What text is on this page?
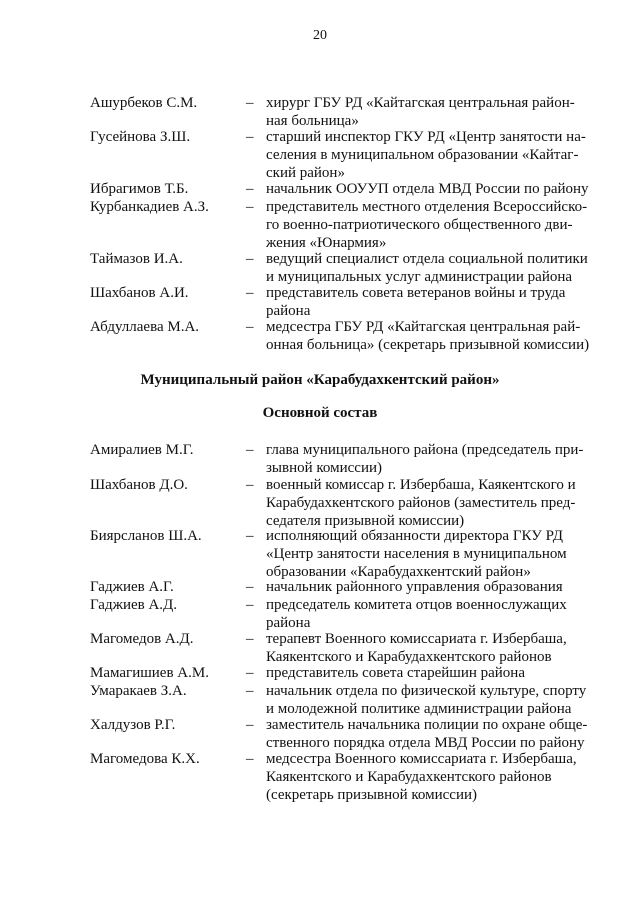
20
Ашурбеков С.М.	– хирург ГБУ РД «Кайтагская центральная район-
ная больница»
Гусейнова З.Ш.	– старший инспектор ГКУ РД «Центр занятости на-
селения в муниципальном образовании «Кайтаг-
ский район»
Ибрагимов Т.Б.	– начальник ООУУП отдела МВД России по району
Курбанкадиев А.З. – представитель местного отделения Всероссийско-
го военно-патриотического общественного дви-
жения «Юнармия»
Таймазов И.А.	– ведущий специалист отдела социальной политики
и муниципальных услуг администрации района
Шахбанов А.И.	– представитель совета ветеранов войны и труда
района
Абдуллаева М.А.	– медсестра ГБУ РД «Кайтагская центральная рай-
онная больница» (секретарь призывной комиссии)
Муниципальный район «Карабудахкентский район»
Основной состав
Амиралиев М.Г.	– глава муниципального района (председатель при-
зывной комиссии)
Шахбанов Д.О.	– военный комиссар г. Избербаша, Каякентского и
Карабудахкентского районов (заместитель пред-
седателя призывной комиссии)
Биярсланов Ш.А.	– исполняющий обязанности директора ГКУ РД
«Центр занятости населения в муниципальном
образовании «Карабудахкентский район»
Гаджиев А.Г.	– начальник районного управления образования
Гаджиев А.Д.	– председатель комитета отцов военнослужащих
района
Магомедов А.Д.	– терапевт Военного комиссариата г. Избербаша,
Каякентского и Карабудахкентского районов
Мамагишиев А.М. – представитель совета старейшин района
Умаракаев З.А.	– начальник отдела по физической культуре, спорту
и молодежной политике администрации района
Халдузов Р.Г.	– заместитель начальника полиции по охране обще-
ственного порядка отдела МВД России по району
Магомедова К.Х.	– медсестра Военного комиссариата г. Избербаша,
Каякентского и Карабудахкентского районов
(секретарь призывной комиссии)
